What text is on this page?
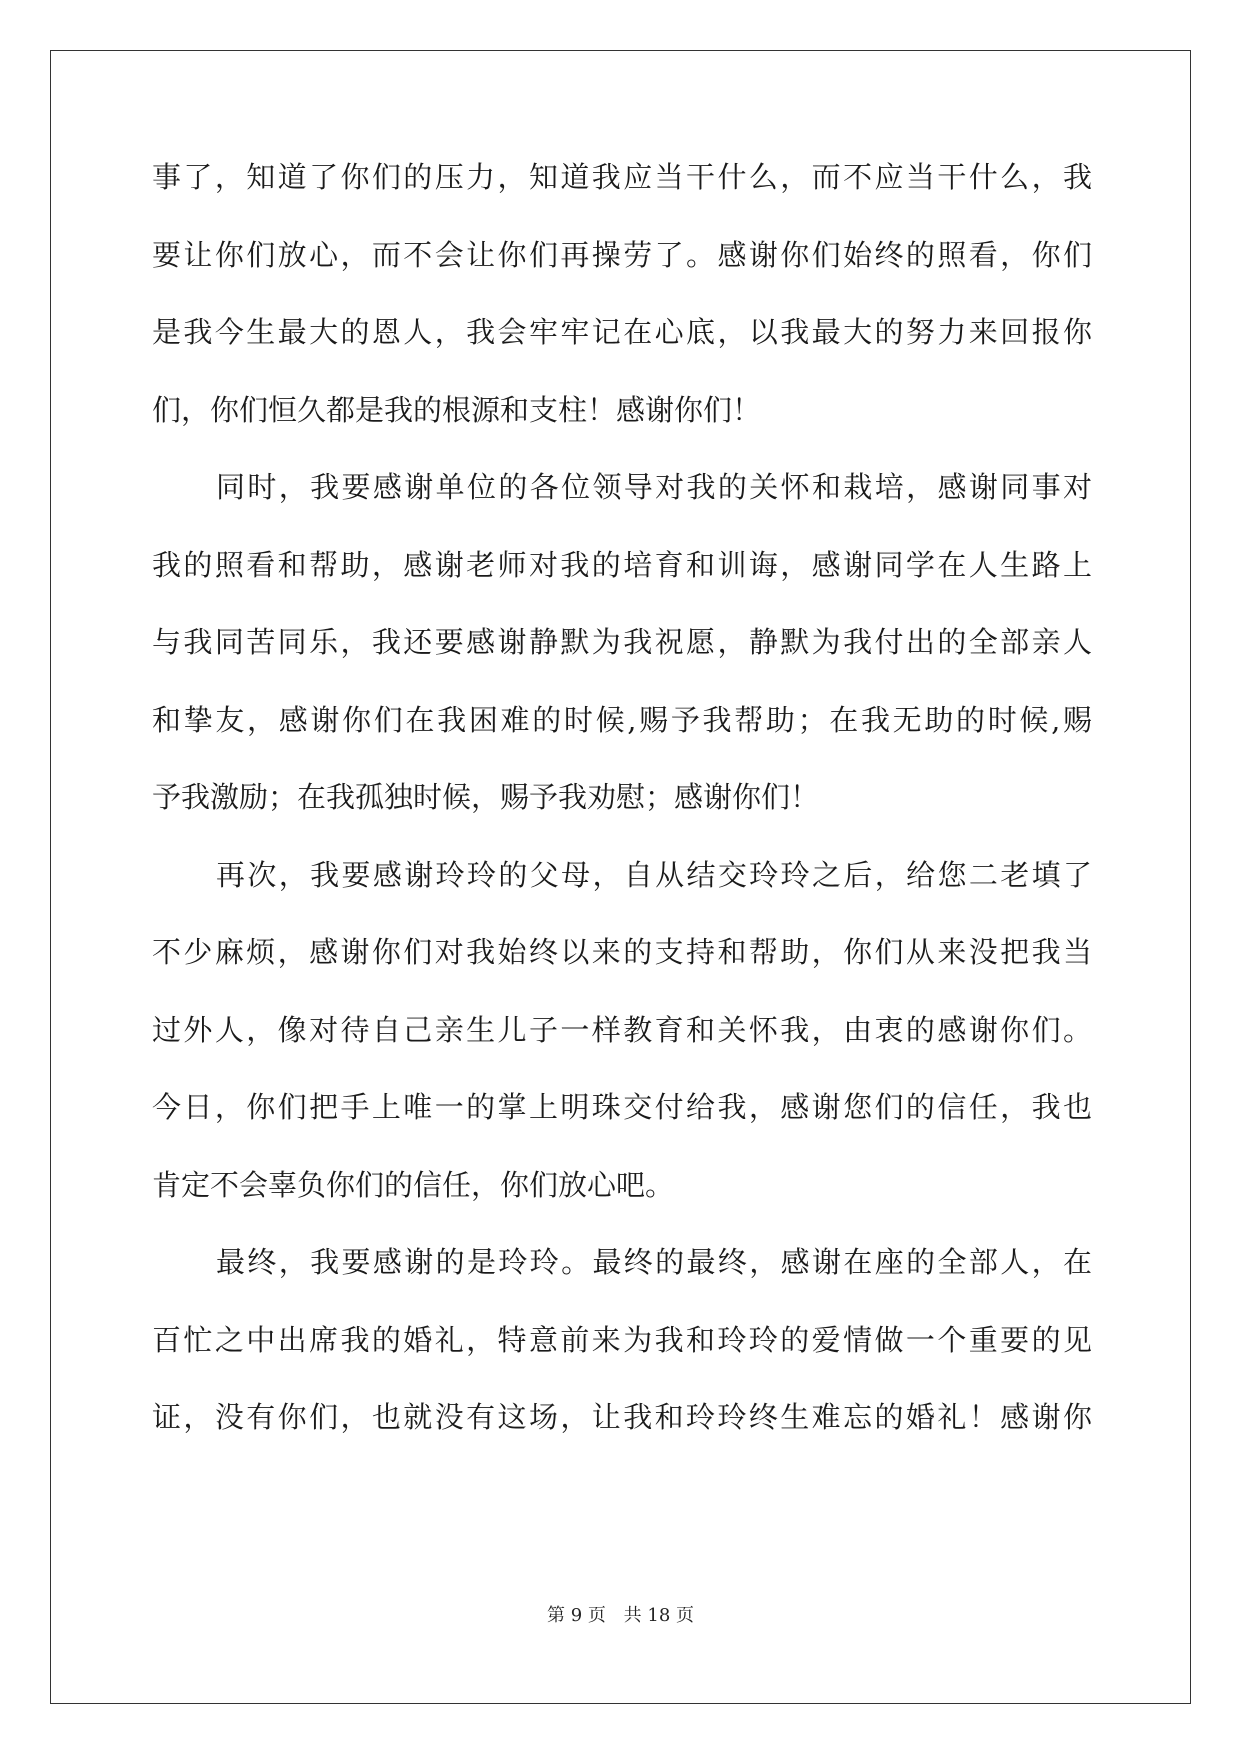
事了，知道了你们的压力，知道我应当干什么，而不应当干什么，我
要让你们放心，而不会让你们再操劳了。感谢你们始终的照看，你们
是我今生最大的恩人，我会牢牢记在心底，以我最大的努力来回报你
们，你们恒久都是我的根源和支柱！感谢你们！
同时，我要感谢单位的各位领导对我的关怀和栽培，感谢同事对
我的照看和帮助，感谢老师对我的培育和训诲，感谢同学在人生路上
与我同苦同乐，我还要感谢静默为我祝愿，静默为我付出的全部亲人
和挚友，感谢你们在我困难的时候,赐予我帮助；在我无助的时候,赐
予我激励；在我孤独时候，赐予我劝慰；感谢你们！
再次，我要感谢玲玲的父母，自从结交玲玲之后，给您二老填了
不少麻烦，感谢你们对我始终以来的支持和帮助，你们从来没把我当
过外人，像对待自己亲生儿子一样教育和关怀我，由衷的感谢你们。
今日，你们把手上唯一的掌上明珠交付给我，感谢您们的信任，我也
肯定不会辜负你们的信任，你们放心吧。
最终，我要感谢的是玲玲。最终的最终，感谢在座的全部人，在
百忙之中出席我的婚礼，特意前来为我和玲玲的爱情做一个重要的见
证，没有你们，也就没有这场，让我和玲玲终生难忘的婚礼！感谢你
第 9 页 共 18 页
